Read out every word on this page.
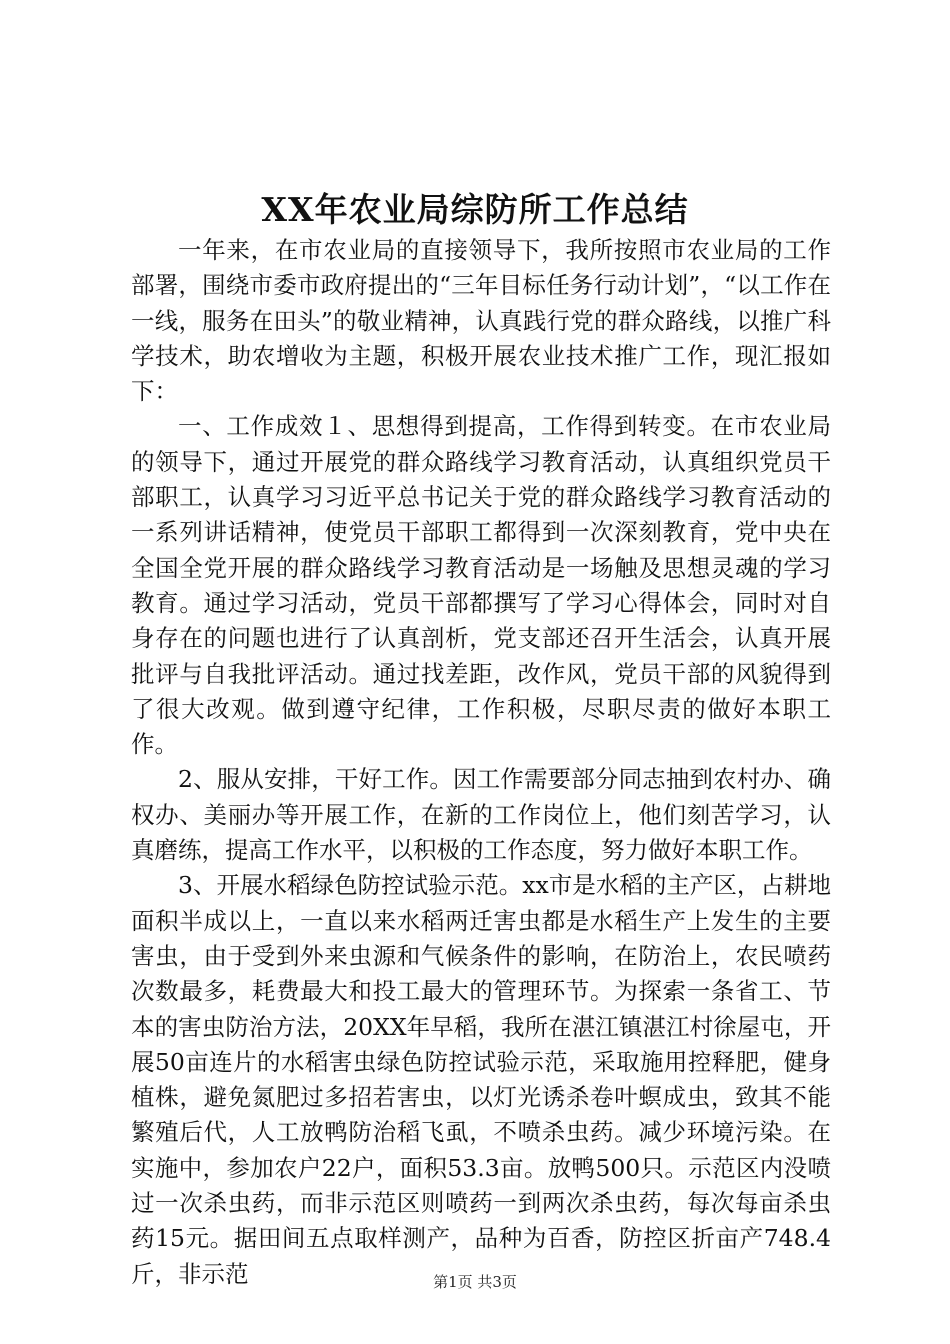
XX年农业局综防所工作总结

一年来，在市农业局的直接领导下，我所按照市农业局的工作部署，围绕市委市政府提出的“三年目标任务行动计划”，“以工作在一线，服务在田头”的敬业精神，认真践行党的群众路线，以推广科学技术，助农增收为主题，积极开展农业技术推广工作，现汇报如下：

一、工作成效１、思想得到提高，工作得到转变。在市农业局的领导下，通过开展党的群众路线学习教育活动，认真组织党员干部职工，认真学习习近平总书记关于党的群众路线学习教育活动的一系列讲话精神，使党员干部职工都得到一次深刻教育，党中央在全国全党开展的群众路线学习教育活动是一场触及思想灵魂的学习教育。通过学习活动，党员干部都撰写了学习心得体会，同时对自身存在的问题也进行了认真剖析，党支部还召开生活会，认真开展批评与自我批评活动。通过找差距，改作风，党员干部的风貌得到了很大改观。做到遵守纪律，工作积极，尽职尽责的做好本职工作。

2、服从安排，干好工作。因工作需要部分同志抽到农村办、确权办、美丽办等开展工作，在新的工作岗位上，他们刻苦学习，认真磨练，提高工作水平，以积极的工作态度，努力做好本职工作。

3、开展水稻绿色防控试验示范。xx市是水稻的主产区，占耕地面积半成以上，一直以来水稻两迁害虫都是水稻生产上发生的主要害虫，由于受到外来虫源和气候条件的影响，在防治上，农民喷药次数最多，耗费最大和投工最大的管理环节。为探索一条省工、节本的害虫防治方法，20XX年早稻，我所在湛江镇湛江村徐屋屯，开展50亩连片的水稻害虫绿色防控试验示范，采取施用控释肥，健身植株，避免氮肥过多招若害虫，以灯光诱杀卷叶螟成虫，致其不能繁殖后代，人工放鸭防治稻飞虱，不喷杀虫药。减少环境污染。在实施中，参加农户22户，面积53.3亩。放鸭500只。示范区内没喷过一次杀虫药，而非示范区则喷药一到两次杀虫药，每次每亩杀虫药15元。据田间五点取样测产，品种为百香，防控区折亩产748.4斤，非示范	第1页 共3页
